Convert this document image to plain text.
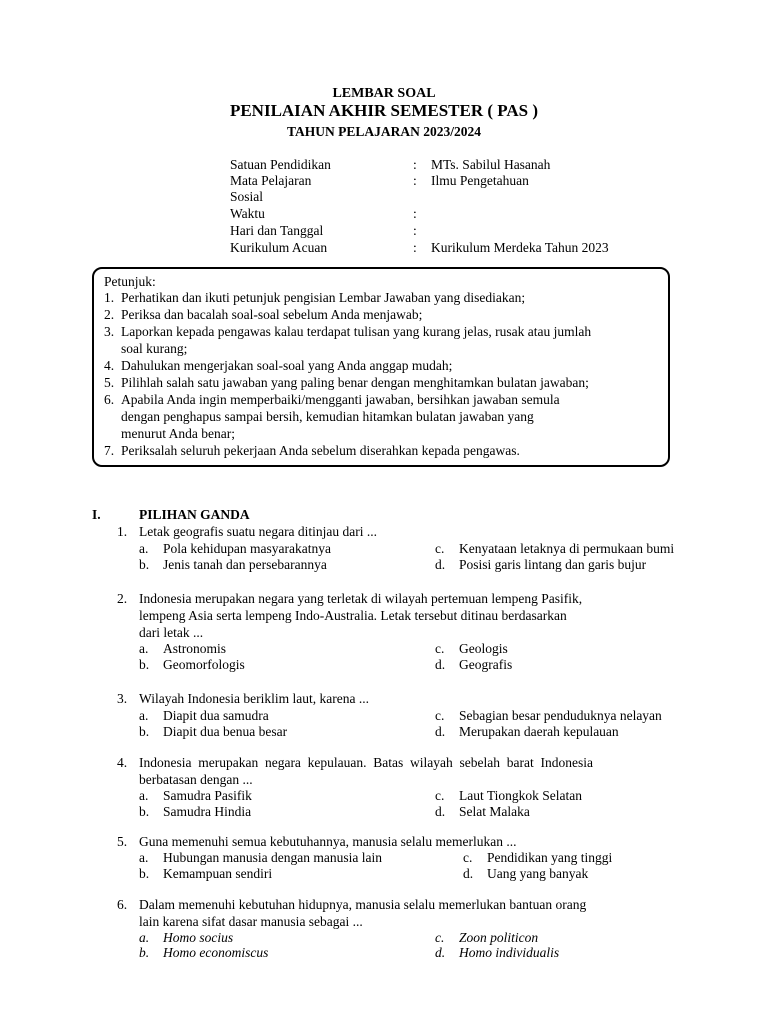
LEMBAR SOAL
PENILAIAN AKHIR SEMESTER ( PAS )
TAHUN PELAJARAN 2023/2024
Satuan Pendidikan	: MTs. Sabilul Hasanah
Mata Pelajaran	: Ilmu Pengetahuan
Sosial
Waktu	:
Hari dan Tanggal	:
Kurikulum Acuan	: Kurikulum Merdeka Tahun 2023
Petunjuk:
1. Perhatikan dan ikuti petunjuk pengisian Lembar Jawaban yang disediakan;
2. Periksa dan bacalah soal-soal sebelum Anda menjawab;
3. Laporkan kepada pengawas kalau terdapat tulisan yang kurang jelas, rusak atau jumlah
soal kurang;
4. Dahulukan mengerjakan soal-soal yang Anda anggap mudah;
5. Pilihlah salah satu jawaban yang paling benar dengan menghitamkan bulatan jawaban;
6. Apabila Anda ingin memperbaiki/mengganti jawaban, bersihkan jawaban semula
dengan penghapus sampai bersih, kemudian hitamkan bulatan jawaban yang
menurut Anda benar;
7. Periksalah seluruh pekerjaan Anda sebelum diserahkan kepada pengawas.
I.	PILIHAN GANDA
1. Letak geografis suatu negara ditinjau dari ...
a. Pola kehidupan masyarakatnya	c. Kenyataan letaknya di permukaan bumi
b. Jenis tanah dan persebarannya	d. Posisi garis lintang dan garis bujur
2. Indonesia merupakan negara yang terletak di wilayah pertemuan lempeng Pasifik,
lempeng Asia serta lempeng Indo-Australia. Letak tersebut ditinau berdasarkan
dari letak ...
a. Astronomis	c. Geologis
b. Geomorfologis	d. Geografis
3. Wilayah Indonesia beriklim laut, karena ...
a. Diapit dua samudra	c. Sebagian besar penduduknya nelayan
b. Diapit dua benua besar	d. Merupakan daerah kepulauan
4. Indonesia  merupakan  negara  kepulauan.  Batas  wilayah  sebelah  barat  Indonesia
berbatasan dengan ...
a. Samudra Pasifik	c. Laut Tiongkok Selatan
b. Samudra Hindia	d. Selat Malaka
5. Guna memenuhi semua kebutuhannya, manusia selalu memerlukan ...
a. Hubungan manusia dengan manusia lain	c. Pendidikan yang tinggi
b. Kemampuan sendiri	d. Uang yang banyak
6. Dalam memenuhi kebutuhan hidupnya, manusia selalu memerlukan bantuan orang
lain karena sifat dasar manusia sebagai ...
a. Homo socius	c. Zoon politicon
b. Homo economiscus	d. Homo individualis
